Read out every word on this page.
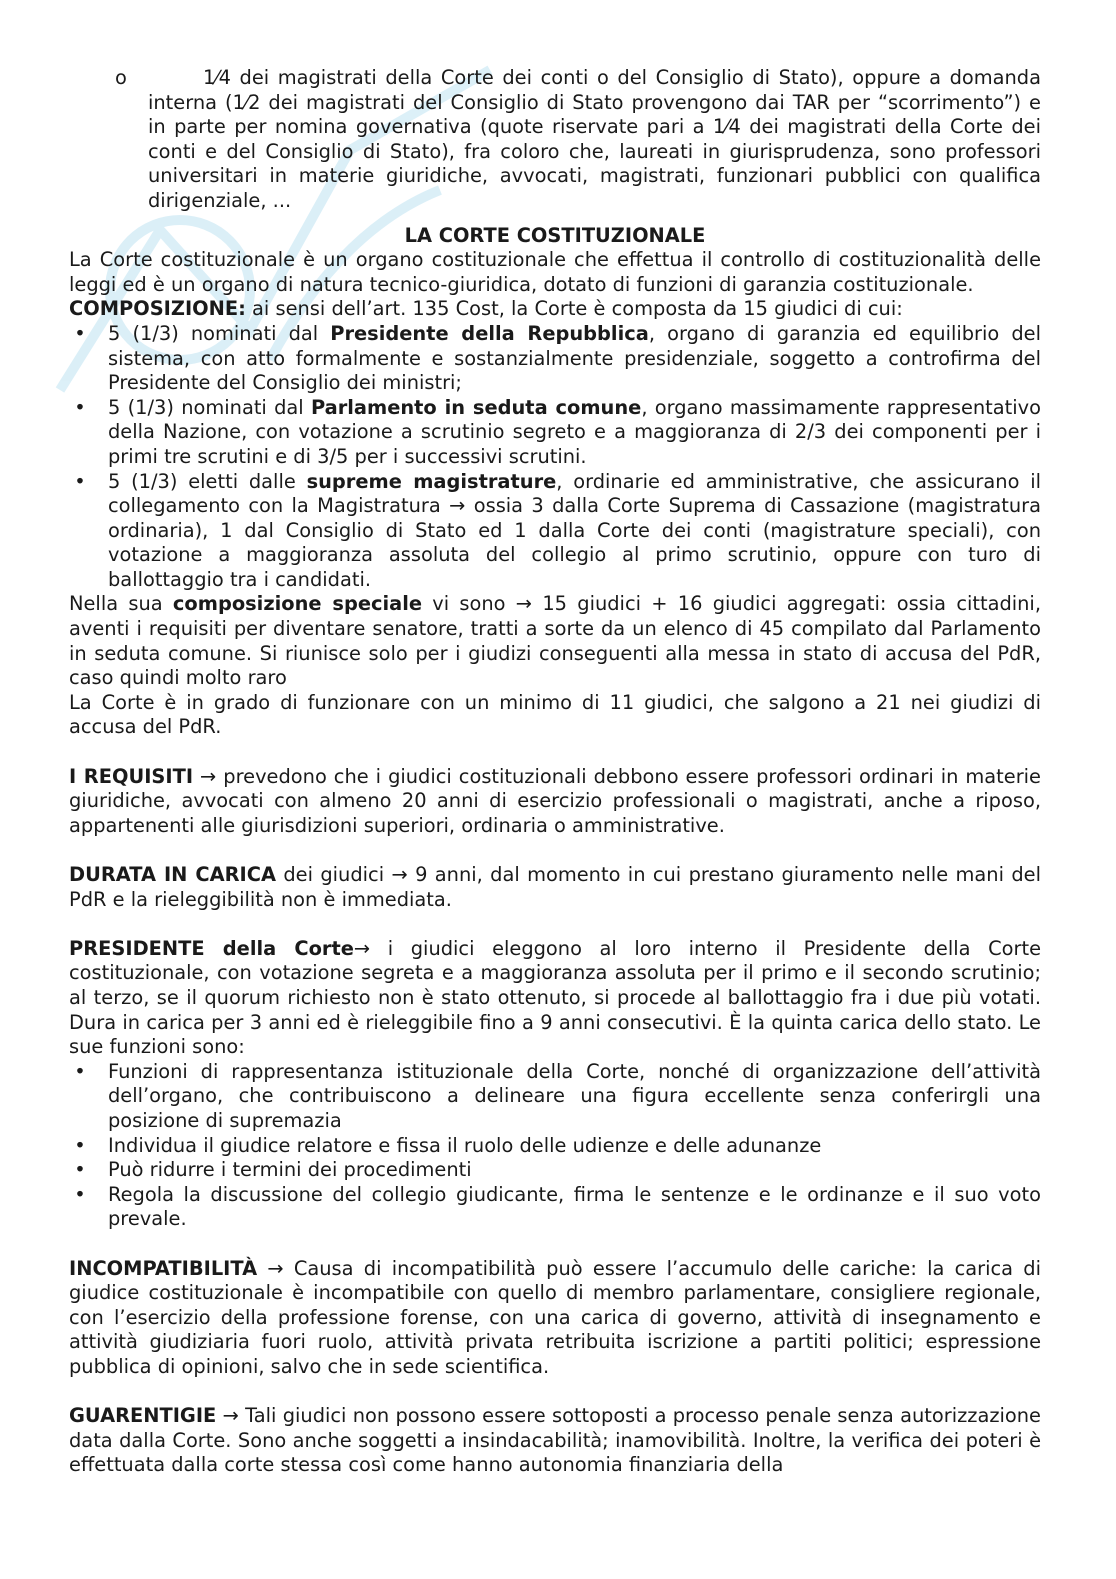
o	1⁄4 dei magistrati della Corte dei conti o del Consiglio di Stato), oppure a domanda interna (1⁄2 dei magistrati del Consiglio di Stato provengono dai TAR per “scorrimento”) e in parte per nomina governativa (quote riservate pari a 1⁄4 dei magistrati della Corte dei conti e del Consiglio di Stato), fra coloro che, laureati in giurisprudenza, sono professori universitari in materie giuridiche, avvocati, magistrati, funzionari pubblici con qualifica dirigenziale, ...
LA CORTE COSTITUZIONALE

La Corte costituzionale è un organo costituzionale che effettua il controllo di costituzionalità delle leggi ed è un organo di natura tecnico-giuridica, dotato di funzioni di garanzia costituzionale.

COMPOSIZIONE: ai sensi dell’art. 135 Cost, la Corte è composta da 15 giudici di cui:

• 5 (1/3) nominati dal Presidente della Repubblica, organo di garanzia ed equilibrio del sistema, con atto formalmente e sostanzialmente presidenziale, soggetto a controfirma del Presidente del Consiglio dei ministri;
• 5 (1/3) nominati dal Parlamento in seduta comune, organo massimamente rappresentativo della Nazione, con votazione a scrutinio segreto e a maggioranza di 2/3 dei componenti per i primi tre scrutini e di 3/5 per i successivi scrutini.
• 5 (1/3) eletti dalle supreme magistrature, ordinarie ed amministrative, che assicurano il collegamento con la Magistratura → ossia 3 dalla Corte Suprema di Cassazione (magistratura ordinaria), 1 dal Consiglio di Stato ed 1 dalla Corte dei conti (magistrature speciali), con votazione a maggioranza assoluta del collegio al primo scrutinio, oppure con turo di ballottaggio tra i candidati.

Nella sua composizione speciale vi sono → 15 giudici + 16 giudici aggregati: ossia cittadini, aventi i requisiti per diventare senatore, tratti a sorte da un elenco di 45 compilato dal Parlamento in seduta comune. Si riunisce solo per i giudizi conseguenti alla messa in stato di accusa del PdR, caso quindi molto raro

La Corte è in grado di funzionare con un minimo di 11 giudici, che salgono a 21 nei giudizi di accusa del PdR.

I REQUISITI → prevedono che i giudici costituzionali debbono essere professori ordinari in materie giuridiche, avvocati con almeno 20 anni di esercizio professionali o magistrati, anche a riposo, appartenenti alle giurisdizioni superiori, ordinaria o amministrative.

DURATA IN CARICA dei giudici → 9 anni, dal momento in cui prestano giuramento nelle mani del PdR e la rieleggibilità non è immediata.

PRESIDENTE della Corte→ i giudici eleggono al loro interno il Presidente della Corte costituzionale, con votazione segreta e a maggioranza assoluta per il primo e il secondo scrutinio; al terzo, se il quorum richiesto non è stato ottenuto, si procede al ballottaggio fra i due più votati. Dura in carica per 3 anni ed è rieleggibile fino a 9 anni consecutivi. È la quinta carica dello stato. Le sue funzioni sono:

• Funzioni di rappresentanza istituzionale della Corte, nonché di organizzazione dell’attività dell’organo, che contribuiscono a delineare una figura eccellente senza conferirgli una posizione di supremazia
• Individua il giudice relatore e fissa il ruolo delle udienze e delle adunanze
• Può ridurre i termini dei procedimenti
• Regola la discussione del collegio giudicante, firma le sentenze e le ordinanze e il suo voto prevale.

INCOMPATIBILITÀ → Causa di incompatibilità può essere l’accumulo delle cariche: la carica di giudice costituzionale è incompatibile con quello di membro parlamentare, consigliere regionale, con l’esercizio della professione forense, con una carica di governo, attività di insegnamento e attività giudiziaria fuori ruolo, attività privata retribuita iscrizione a partiti politici; espressione pubblica di opinioni, salvo che in sede scientifica.

GUARENTIGIE → Tali giudici non possono essere sottoposti a processo penale senza autorizzazione data dalla Corte. Sono anche soggetti a insindacabilità; inamovibilità. Inoltre, la verifica dei poteri è effettuata dalla corte stessa così come hanno autonomia finanziaria della
